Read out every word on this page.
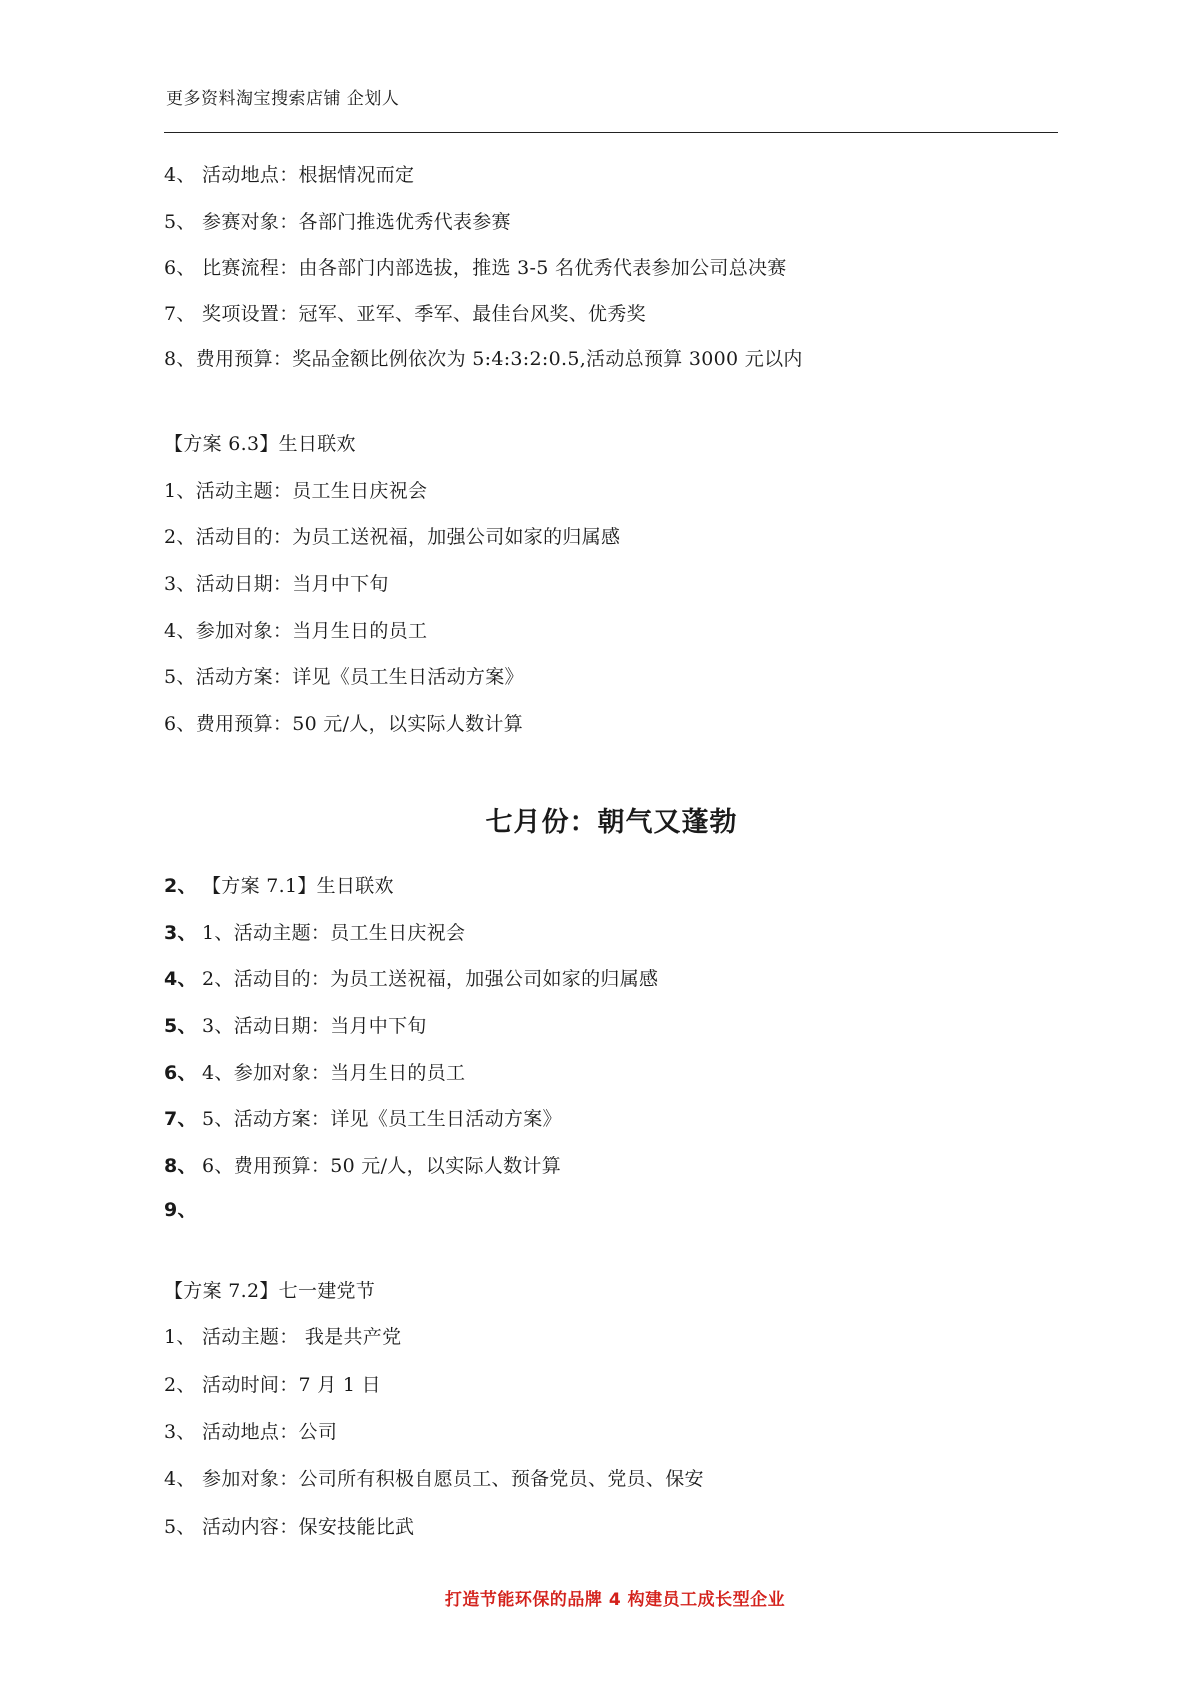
更多资料淘宝搜索店铺 企划人
4、 活动地点：根据情况而定
5、 参赛对象：各部门推选优秀代表参赛
6、 比赛流程：由各部门内部选拔，推选 3-5 名优秀代表参加公司总决赛
7、 奖项设置：冠军、亚军、季军、最佳台风奖、优秀奖
8、费用预算：奖品金额比例依次为 5:4:3:2:0.5,活动总预算 3000 元以内
【方案 6.3】生日联欢
1、活动主题：员工生日庆祝会
2、活动目的：为员工送祝福，加强公司如家的归属感
3、活动日期：当月中下旬
4、参加对象：当月生日的员工
5、活动方案：详见《员工生日活动方案》
6、费用预算：50 元/人，以实际人数计算
七月份：朝气又蓬勃
2、 【方案 7.1】生日联欢
3、 1、活动主题：员工生日庆祝会
4、 2、活动目的：为员工送祝福，加强公司如家的归属感
5、 3、活动日期：当月中下旬
6、 4、参加对象：当月生日的员工
7、 5、活动方案：详见《员工生日活动方案》
8、 6、费用预算：50 元/人，以实际人数计算
9、
【方案 7.2】七一建党节
1、 活动主题： 我是共产党
2、 活动时间：7 月 1 日
3、 活动地点：公司
4、 参加对象：公司所有积极自愿员工、预备党员、党员、保安
5、 活动内容：保安技能比武
打造节能环保的品牌 4 构建员工成长型企业
